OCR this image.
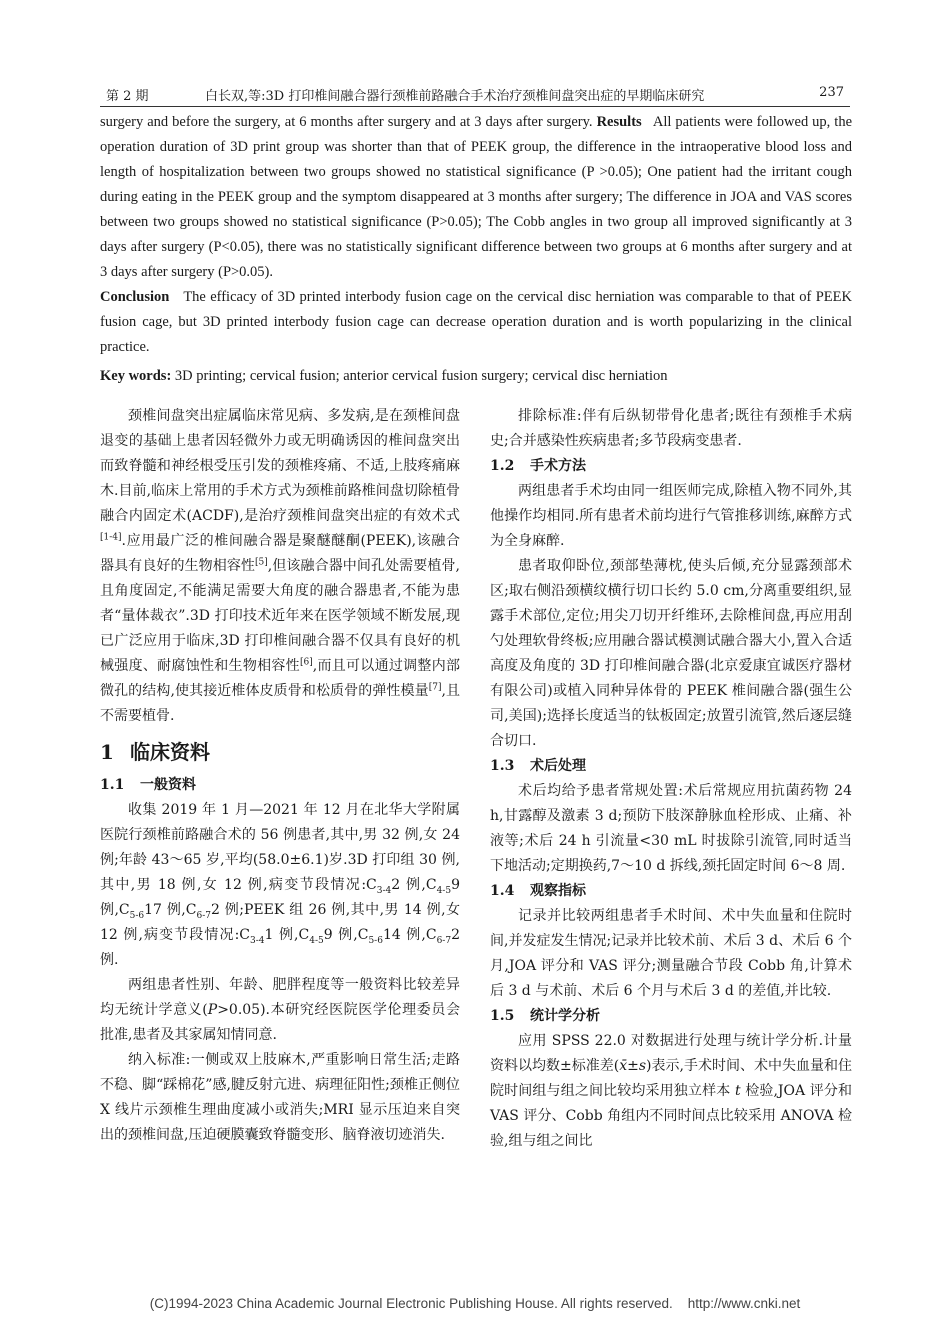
第 2 期	白长双,等:3D 打印椎间融合器行颈椎前路融合手术治疗颈椎间盘突出症的早期临床研究	237

surgery and before the surgery, at 6 months after surgery and at 3 days after surgery. Results All patients were followed up, the operation duration of 3D print group was shorter than that of PEEK group, the difference in the intraoperative blood loss and length of hospitalization between two groups showed no statistical significance (P >0.05); One patient had the irritant cough during eating in the PEEK group and the symptom disappeared at 3 months after surgery; The difference in JOA and VAS scores between two groups showed no statistical significance (P>0.05); The Cobb angles in two group all improved significantly at 3 days after surgery (P<0.05), there was no statistically significant difference between two groups at 6 months after surgery and at 3 days after surgery (P>0.05).

Conclusion The efficacy of 3D printed interbody fusion cage on the cervical disc herniation was comparable to that of PEEK fusion cage, but 3D printed interbody fusion cage can decrease operation duration and is worth popularizing in the clinical practice.

Key words: 3D printing; cervical fusion; anterior cervical fusion surgery; cervical disc herniation

颈椎间盘突出症属临床常见病、多发病,是在颈椎间盘退变的基础上患者因轻微外力或无明确诱因的椎间盘突出而致脊髓和神经根受压引发的颈椎疼痛、不适,上肢疼痛麻木.目前,临床上常用的手术方式为颈椎前路椎间盘切除植骨融合内固定术(ACDF),是治疗颈椎间盘突出症的有效术式[1-4].应用最广泛的椎间融合器是聚醚醚酮(PEEK),该融合器具有良好的生物相容性[5],但该融合器中间孔处需要植骨,且角度固定,不能满足需要大角度的融合器患者,不能为患者“量体裁衣”.3D 打印技术近年来在医学领域不断发展,现已广泛应用于临床,3D 打印椎间融合器不仅具有良好的机械强度、耐腐蚀性和生物相容性[6],而且可以通过调整内部微孔的结构,使其接近椎体皮质骨和松质骨的弹性模量[7],且不需要植骨.

1 临床资料
1.1 一般资料

收集 2019 年 1 月—2021 年 12 月在北华大学附属医院行颈椎前路融合术的 56 例患者,其中,男 32 例,女 24 例;年龄 43～65 岁,平均(58.0±6.1)岁.3D 打印组 30 例,其中,男 18 例,女 12 例,病变节段情况$:C_{3-4}2$ 例$,C_{4-5}9$ 例$,C_{5-6}17$ 例$,C_{6-7}2$ 例;PEEK 组 26 例,其中,男 14 例,女 12 例,病变节段情况$:C_{3-4}1$ 例$,C_{4-5}9$ 例$,C_{5-6}14$ 例$,C_{6-7}2$ 例.

两组患者性别、年龄、肥胖程度等一般资料比较差异均无统计学意义(P>0.05).本研究经医院医学伦理委员会批准,患者及其家属知情同意.

纳入标准:一侧或双上肢麻木,严重影响日常生活;走路不稳、脚“踩棉花”感,腱反射亢进、病理征阳性;颈椎正侧位 X 线片示颈椎生理曲度减小或消失;MRI 显示压迫来自突出的颈椎间盘,压迫硬膜囊致脊髓变形、脑脊液切迹消失.

排除标准:伴有后纵韧带骨化患者;既往有颈椎手术病史;合并感染性疾病患者;多节段病变患者.

1.2 手术方法

两组患者手术均由同一组医师完成,除植入物不同外,其他操作均相同.所有患者术前均进行气管推移训练,麻醉方式为全身麻醉.

患者取仰卧位,颈部垫薄枕,使头后倾,充分显露颈部术区;取右侧沿颈横纹横行切口长约 5.0 cm,分离重要组织,显露手术部位,定位;用尖刀切开纤维环,去除椎间盘,再应用刮勺处理软骨终板;应用融合器试模测试融合器大小,置入合适高度及角度的 3D 打印椎间融合器(北京爱康宜诚医疗器材有限公司)或植入同种异体骨的 PEEK 椎间融合器(强生公司,美国);选择长度适当的钛板固定;放置引流管,然后逐层缝合切口.

1.3 术后处理

术后均给予患者常规处置:术后常规应用抗菌药物 24 h,甘露醇及激素 3 d;预防下肢深静脉血栓形成、止痛、补液等;术后 24 h 引流量<30 mL 时拔除引流管,同时适当下地活动;定期换药,7～10 d 拆线,颈托固定时间 6～8 周.

1.4 观察指标

记录并比较两组患者手术时间、术中失血量和住院时间,并发症发生情况;记录并比较术前、术后 3 d、术后 6 个月,JOA 评分和 VAS 评分;测量融合节段 Cobb 角,计算术后 3 d 与术前、术后 6 个月与术后 3 d 的差值,并比较.

1.5 统计学分析

应用 SPSS 22.0 对数据进行处理与统计学分析.计量资料以均数±标准差(x̄±s)表示,手术时间、术中失血量和住院时间组与组之间比较均采用独立样本 t 检验,JOA 评分和 VAS 评分、Cobb 角组内不同时间点比较采用 ANOVA 检验,组与组之间比

(C)1994-2023 China Academic Journal Electronic Publishing House. All rights reserved.    http://www.cnki.net
